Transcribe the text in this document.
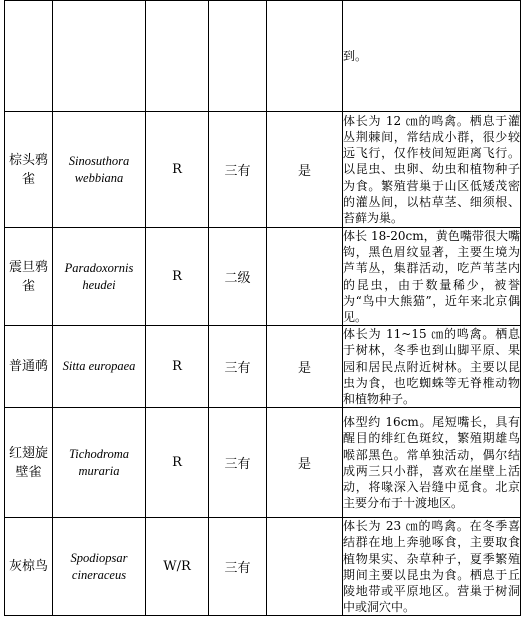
					到。
棕头鸦雀	Sinosuthora webbiana	R	三有	是	体长为 12 ㎝的鸣禽。栖息于灌丛荆棘间，常结成小群，很少较远飞行，仅作枝间短距离飞行。以昆虫、虫卵、幼虫和植物种子为食。繁殖营巢于山区低矮茂密的灌丛间，以枯草茎、细须根、苔藓为巢。
震旦鸦雀	Paradoxornis heudei	R	二级		体长 18-20cm，黄色嘴带很大嘴钩，黑色眉纹显著，主要生境为芦苇丛，集群活动，吃芦苇茎内的昆虫，由于数量稀少，被誉为“鸟中大熊猫”，近年来北京偶见。
普通䴓	Sitta europaea	R	三有	是	体长为 11~15 ㎝的鸣禽。栖息于树林，冬季也到山脚平原、果园和居民点附近树林。主要以昆虫为食，也吃蜘蛛等无脊椎动物和植物种子。
红翅旋壁雀	Tichodroma muraria	R	三有	是	体型约 16cm。尾短嘴长，具有醒目的绯红色斑纹，繁殖期雄鸟喉部黑色。常单独活动，偶尔结成两三只小群，喜欢在崖壁上活动，将喙深入岩缝中觅食。北京主要分布于十渡地区。
灰椋鸟	Spodiopsar cineraceus	W/R	三有		体长为 23 ㎝的鸣禽。在冬季喜结群在地上奔驰啄食，主要取食植物果实、杂草种子，夏季繁殖期间主要以昆虫为食。栖息于丘陵地带或平原地区。营巢于树洞中或洞穴中。
